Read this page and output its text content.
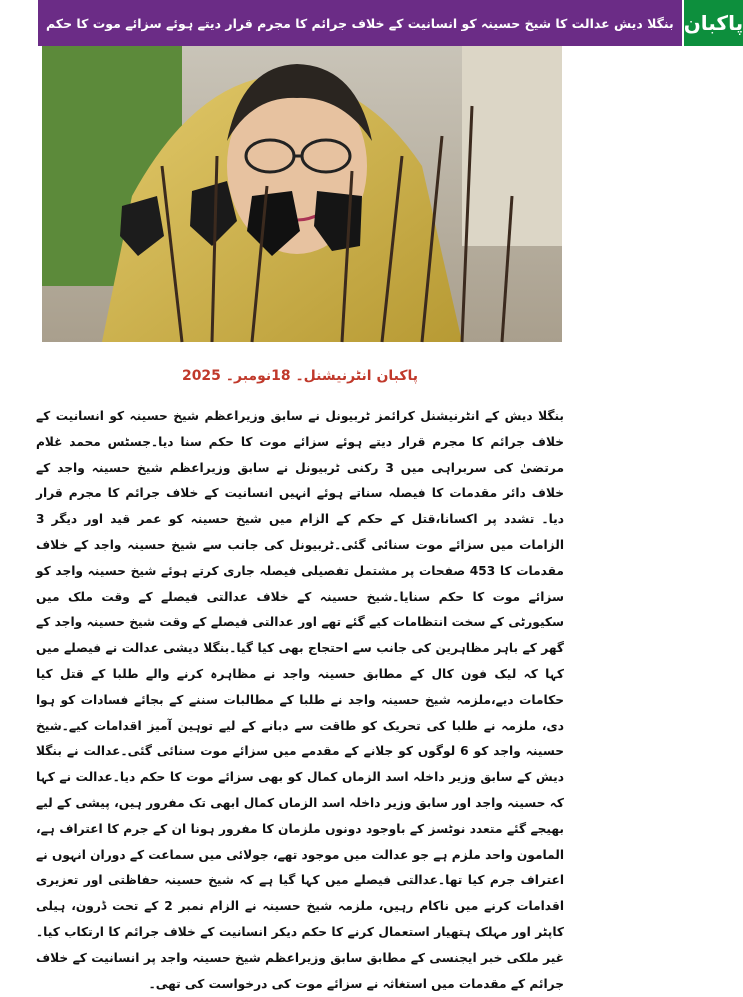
بنگلا دیش عدالت کا شیخ حسینہ کو انسانیت کے خلاف جرائم کا مجرم قرار دیتے ہوئے سزائے موت کا حکم پاکبان
پاکبان انٹرنیشنل۔ 18نومبر۔ 2025

بنگلا دیش کے انٹرنیشنل کرائمز ٹربیونل نے سابق وزیراعظم شیخ حسینہ کو انسانیت کے خلاف جرائم کا مجرم قرار دیتے ہوئے سزائے موت کا حکم سنا دیا۔جسٹس محمد غلام مرتضیٰ کی سربراہی میں 3 رکنی ٹربیونل نے سابق وزیراعظم شیخ حسینہ واجد کے خلاف دائر مقدمات کا فیصلہ سناتے ہوئے انہیں انسانیت کے خلاف جرائم کا مجرم قرار دیا۔ تشدد پر اکسانا،قتل کے حکم کے الزام میں شیخ حسینہ کو عمر قید اور دیگر 3 الزامات میں سزائے موت سنائی گئی۔ٹربیونل کی جانب سے شیخ حسینہ واجد کے خلاف مقدمات کا 453 صفحات پر مشتمل تفصیلی فیصلہ جاری کرتے ہوئے شیخ حسینہ واجد کو سزائے موت کا حکم سنایا۔شیخ حسینہ کے خلاف عدالتی فیصلے کے وقت ملک میں سکیورٹی کے سخت انتظامات کیے گئے تھے اور عدالتی فیصلے کے وقت شیخ حسینہ واجد کے گھر کے باہر مظاہرین کی جانب سے احتجاج بھی کیا گیا۔بنگلا دیشی عدالت نے فیصلے میں کہا کہ لیک فون کال کے مطابق حسینہ واجد نے مظاہرہ کرنے والے طلبا کے قتل کیا حکامات دیے،ملزمہ شیخ حسینہ واجد نے طلبا کے مطالبات سننے کے بجائے فسادات کو ہوا دی، ملزمہ نے طلبا کی تحریک کو طاقت سے دبانے کے لیے توہین آمیز اقدامات کیے۔شیخ حسینہ واجد کو 6 لوگوں کو جلانے کے مقدمے میں سزائے موت سنائی گئی۔عدالت نے بنگلا دیش کے سابق وزیر داخلہ اسد الزماں کمال کو بھی سزائے موت کا حکم دیا۔عدالت نے کہا کہ حسینہ واجد اور سابق وزیر داخلہ اسد الزماں کمال ابھی تک مفرور ہیں، پیشی کے لیے بھیجے گئے متعدد نوٹسز کے باوجود دونوں ملزمان کا مفرور ہونا ان کے جرم کا اعتراف ہے، المامون واحد ملزم ہے جو عدالت میں موجود تھے، جولائی میں سماعت کے دوران انہوں نے اعتراف جرم کیا تھا۔عدالتی فیصلے میں کہا گیا ہے کہ شیخ حسینہ حفاظتی اور تعزیری اقدامات کرنے میں ناکام رہیں، ملزمہ شیخ حسینہ نے الزام نمبر 2 کے تحت ڈرون، ہیلی کاپٹر اور مہلک ہتھیار استعمال کرنے کا حکم دیکر انسانیت کے خلاف جرائم کا ارتکاب کیا۔غیر ملکی خبر ایجنسی کے مطابق سابق وزیراعظم شیخ حسینہ واجد پر انسانیت کے خلاف جرائم کے مقدمات میں استغاثہ نے سزائے موت کی درخواست کی تھی۔
